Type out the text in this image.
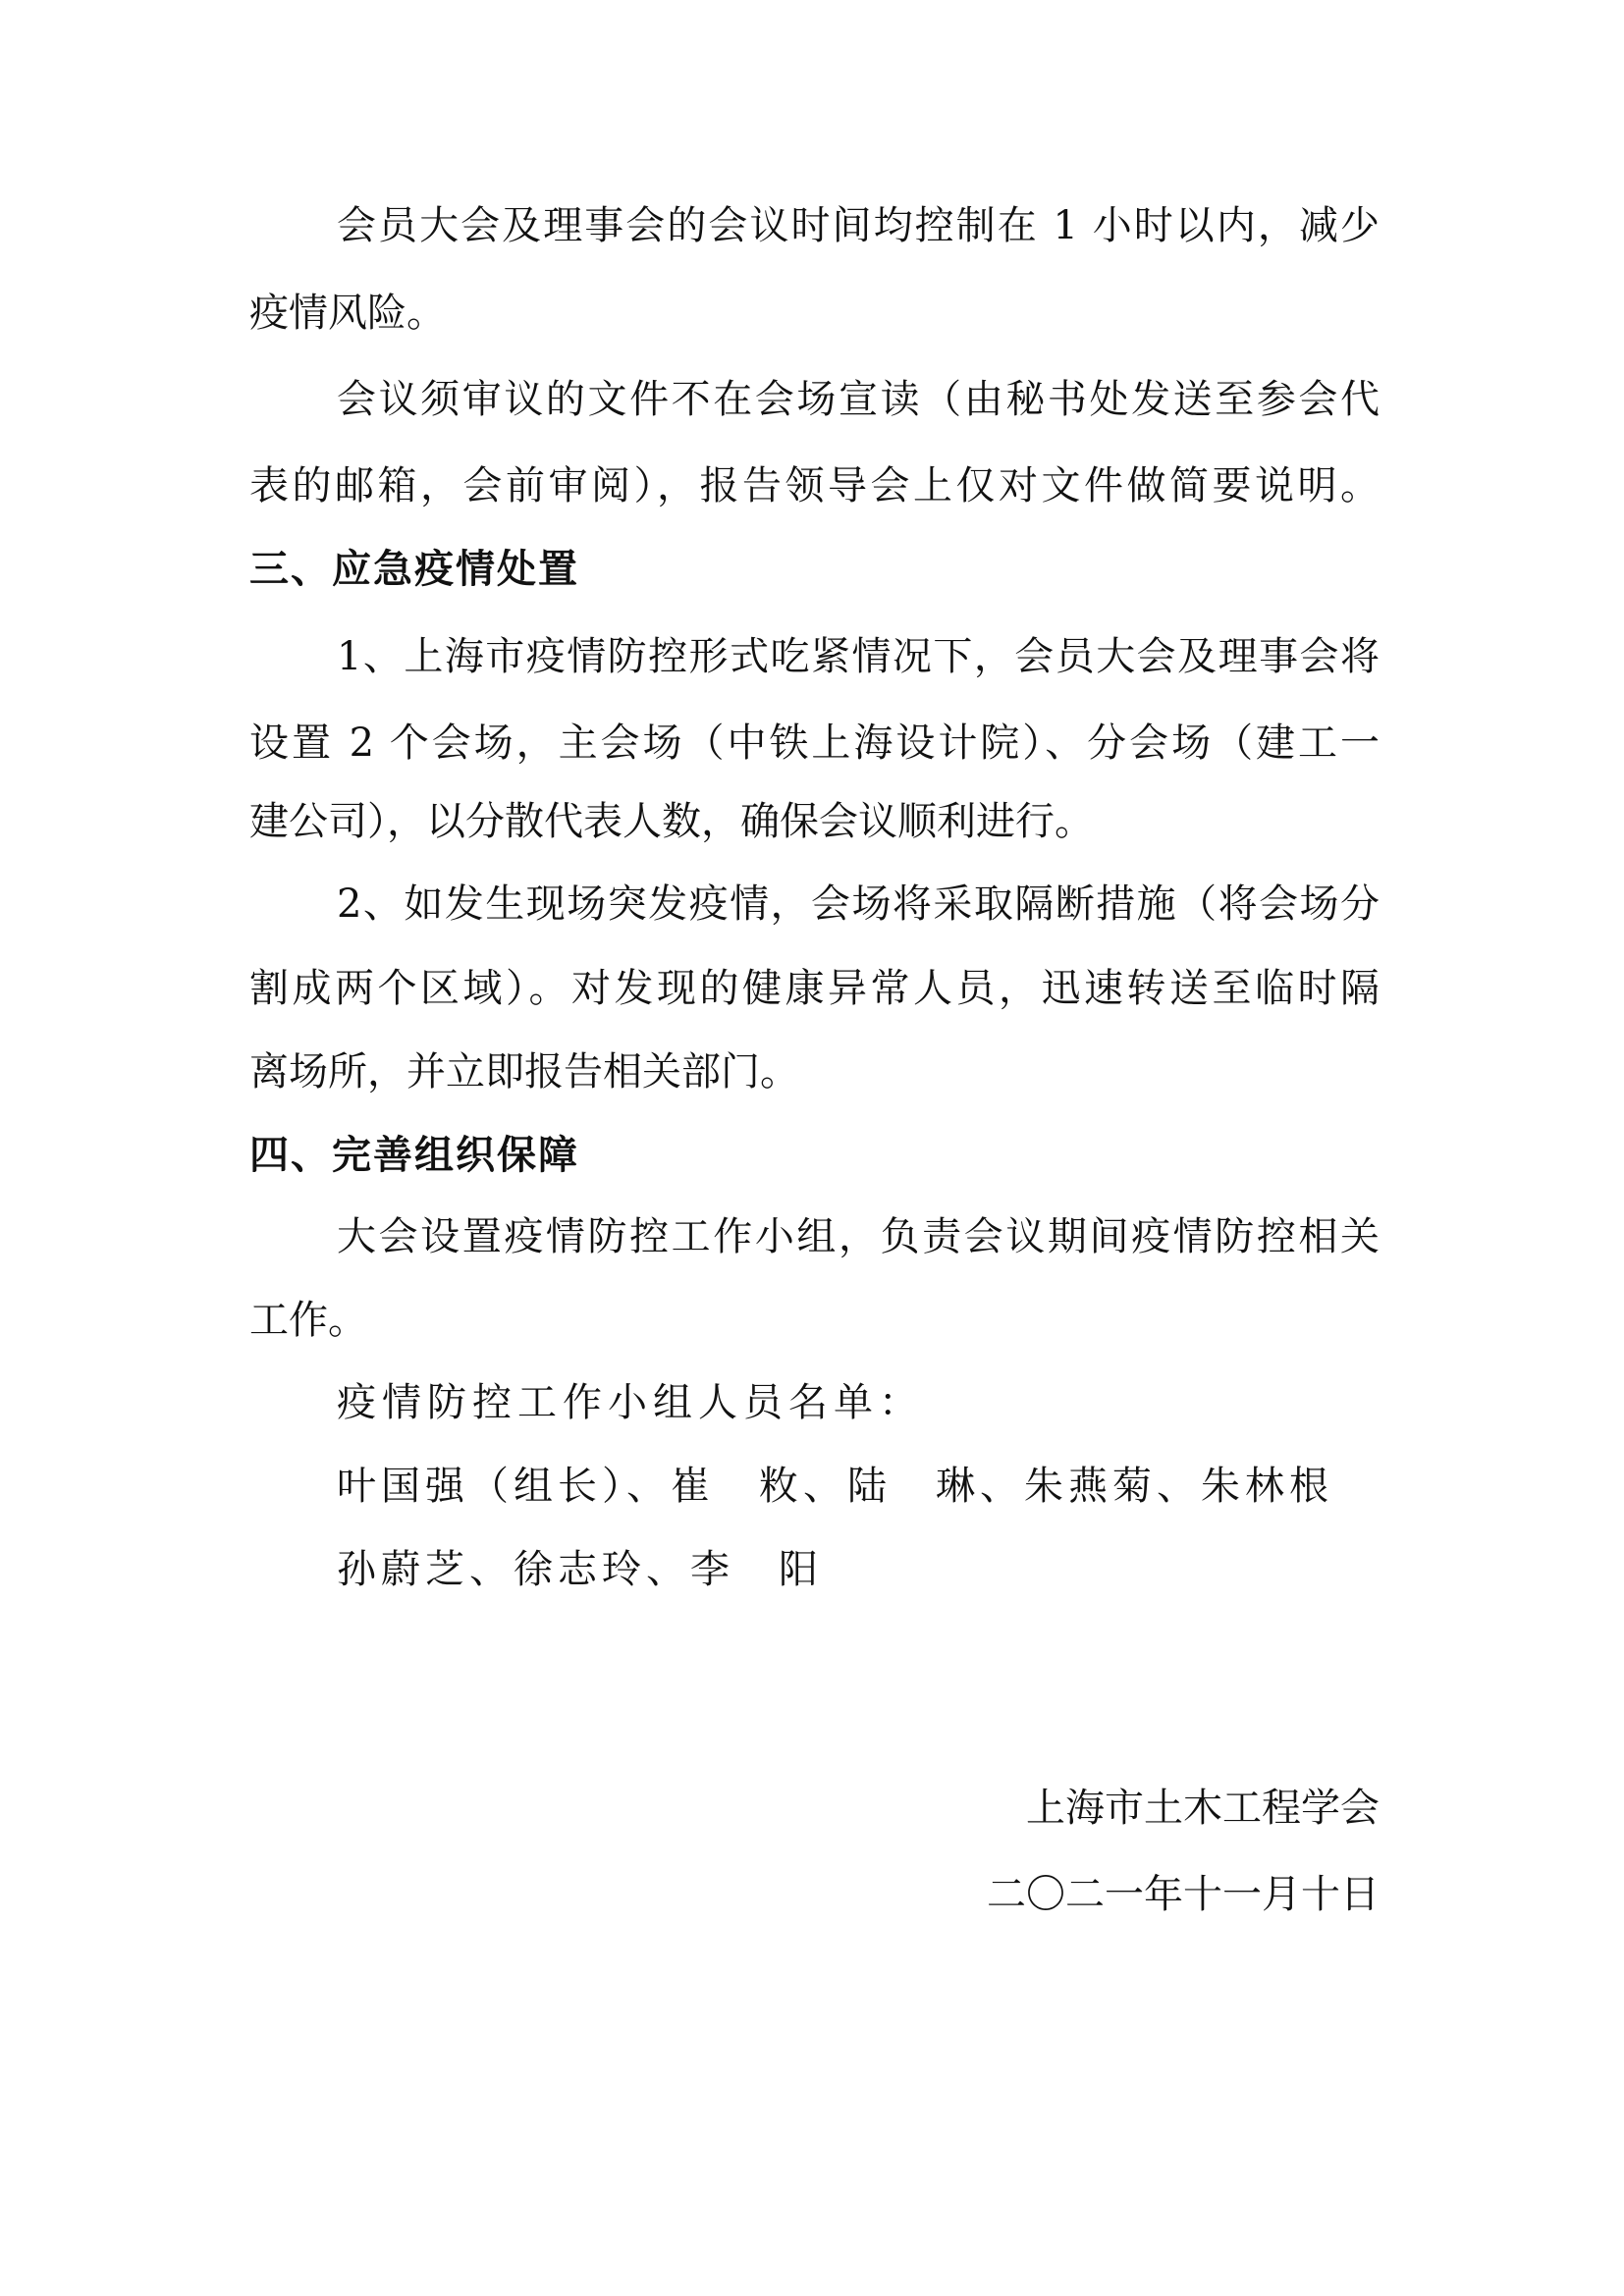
会员大会及理事会的会议时间均控制在 1 小时以内，减少
疫情风险。
会议须审议的文件不在会场宣读（由秘书处发送至参会代
表的邮箱，会前审阅），报告领导会上仅对文件做简要说明。
三、应急疫情处置
1、上海市疫情防控形式吃紧情况下，会员大会及理事会将
设置 2 个会场，主会场（中铁上海设计院）、分会场（建工一
建公司），以分散代表人数，确保会议顺利进行。
2、如发生现场突发疫情，会场将采取隔断措施（将会场分
割成两个区域）。对发现的健康异常人员，迅速转送至临时隔
离场所，并立即报告相关部门。
四、完善组织保障
大会设置疫情防控工作小组，负责会议期间疫情防控相关
工作。
疫情防控工作小组人员名单：
叶国强（组长）、崔　敉、陆　琳、朱燕菊、朱林根
孙蔚芝、徐志玲、李　阳
上海市土木工程学会
二〇二一年十一月十日
